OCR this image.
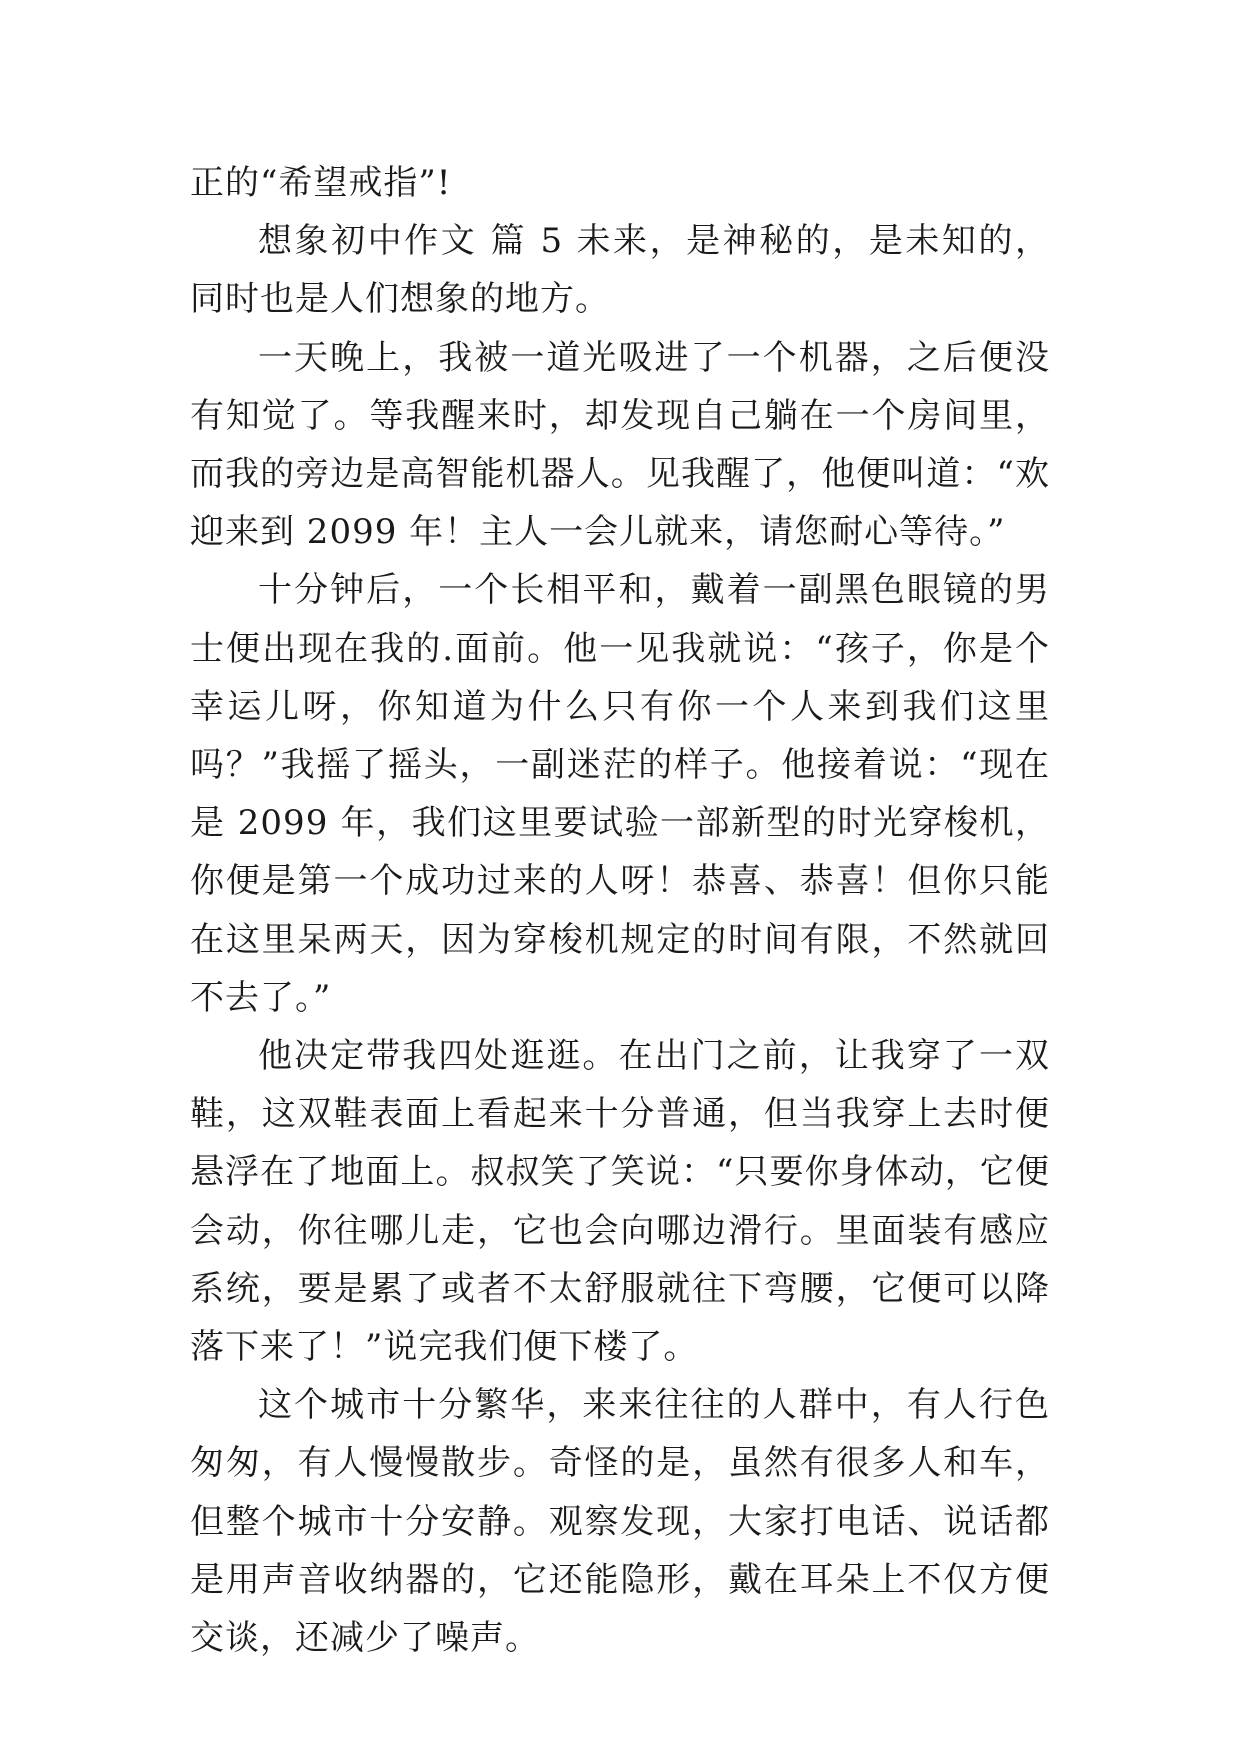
正的“希望戒指”!

想象初中作文 篇 5 未来，是神秘的，是未知的，同时也是人们想象的地方。

一天晚上，我被一道光吸进了一个机器，之后便没有知觉了。等我醒来时，却发现自己躺在一个房间里，而我的旁边是高智能机器人。见我醒了，他便叫道：“欢迎来到 2099 年！主人一会儿就来，请您耐心等待。”

十分钟后，一个长相平和，戴着一副黑色眼镜的男士便出现在我的.面前。他一见我就说：“孩子，你是个幸运儿呀，你知道为什么只有你一个人来到我们这里吗？”我摇了摇头，一副迷茫的样子。他接着说：“现在是 2099 年，我们这里要试验一部新型的时光穿梭机，你便是第一个成功过来的人呀！恭喜、恭喜！但你只能在这里呆两天，因为穿梭机规定的时间有限，不然就回不去了。”

他决定带我四处逛逛。在出门之前，让我穿了一双鞋，这双鞋表面上看起来十分普通，但当我穿上去时便悬浮在了地面上。叔叔笑了笑说：“只要你身体动，它便会动，你往哪儿走，它也会向哪边滑行。里面装有感应系统，要是累了或者不太舒服就往下弯腰，它便可以降落下来了！”说完我们便下楼了。

这个城市十分繁华，来来往往的人群中，有人行色匆匆，有人慢慢散步。奇怪的是，虽然有很多人和车，但整个城市十分安静。观察发现，大家打电话、说话都是用声音收纳器的，它还能隐形，戴在耳朵上不仅方便交谈，还减少了噪声。
